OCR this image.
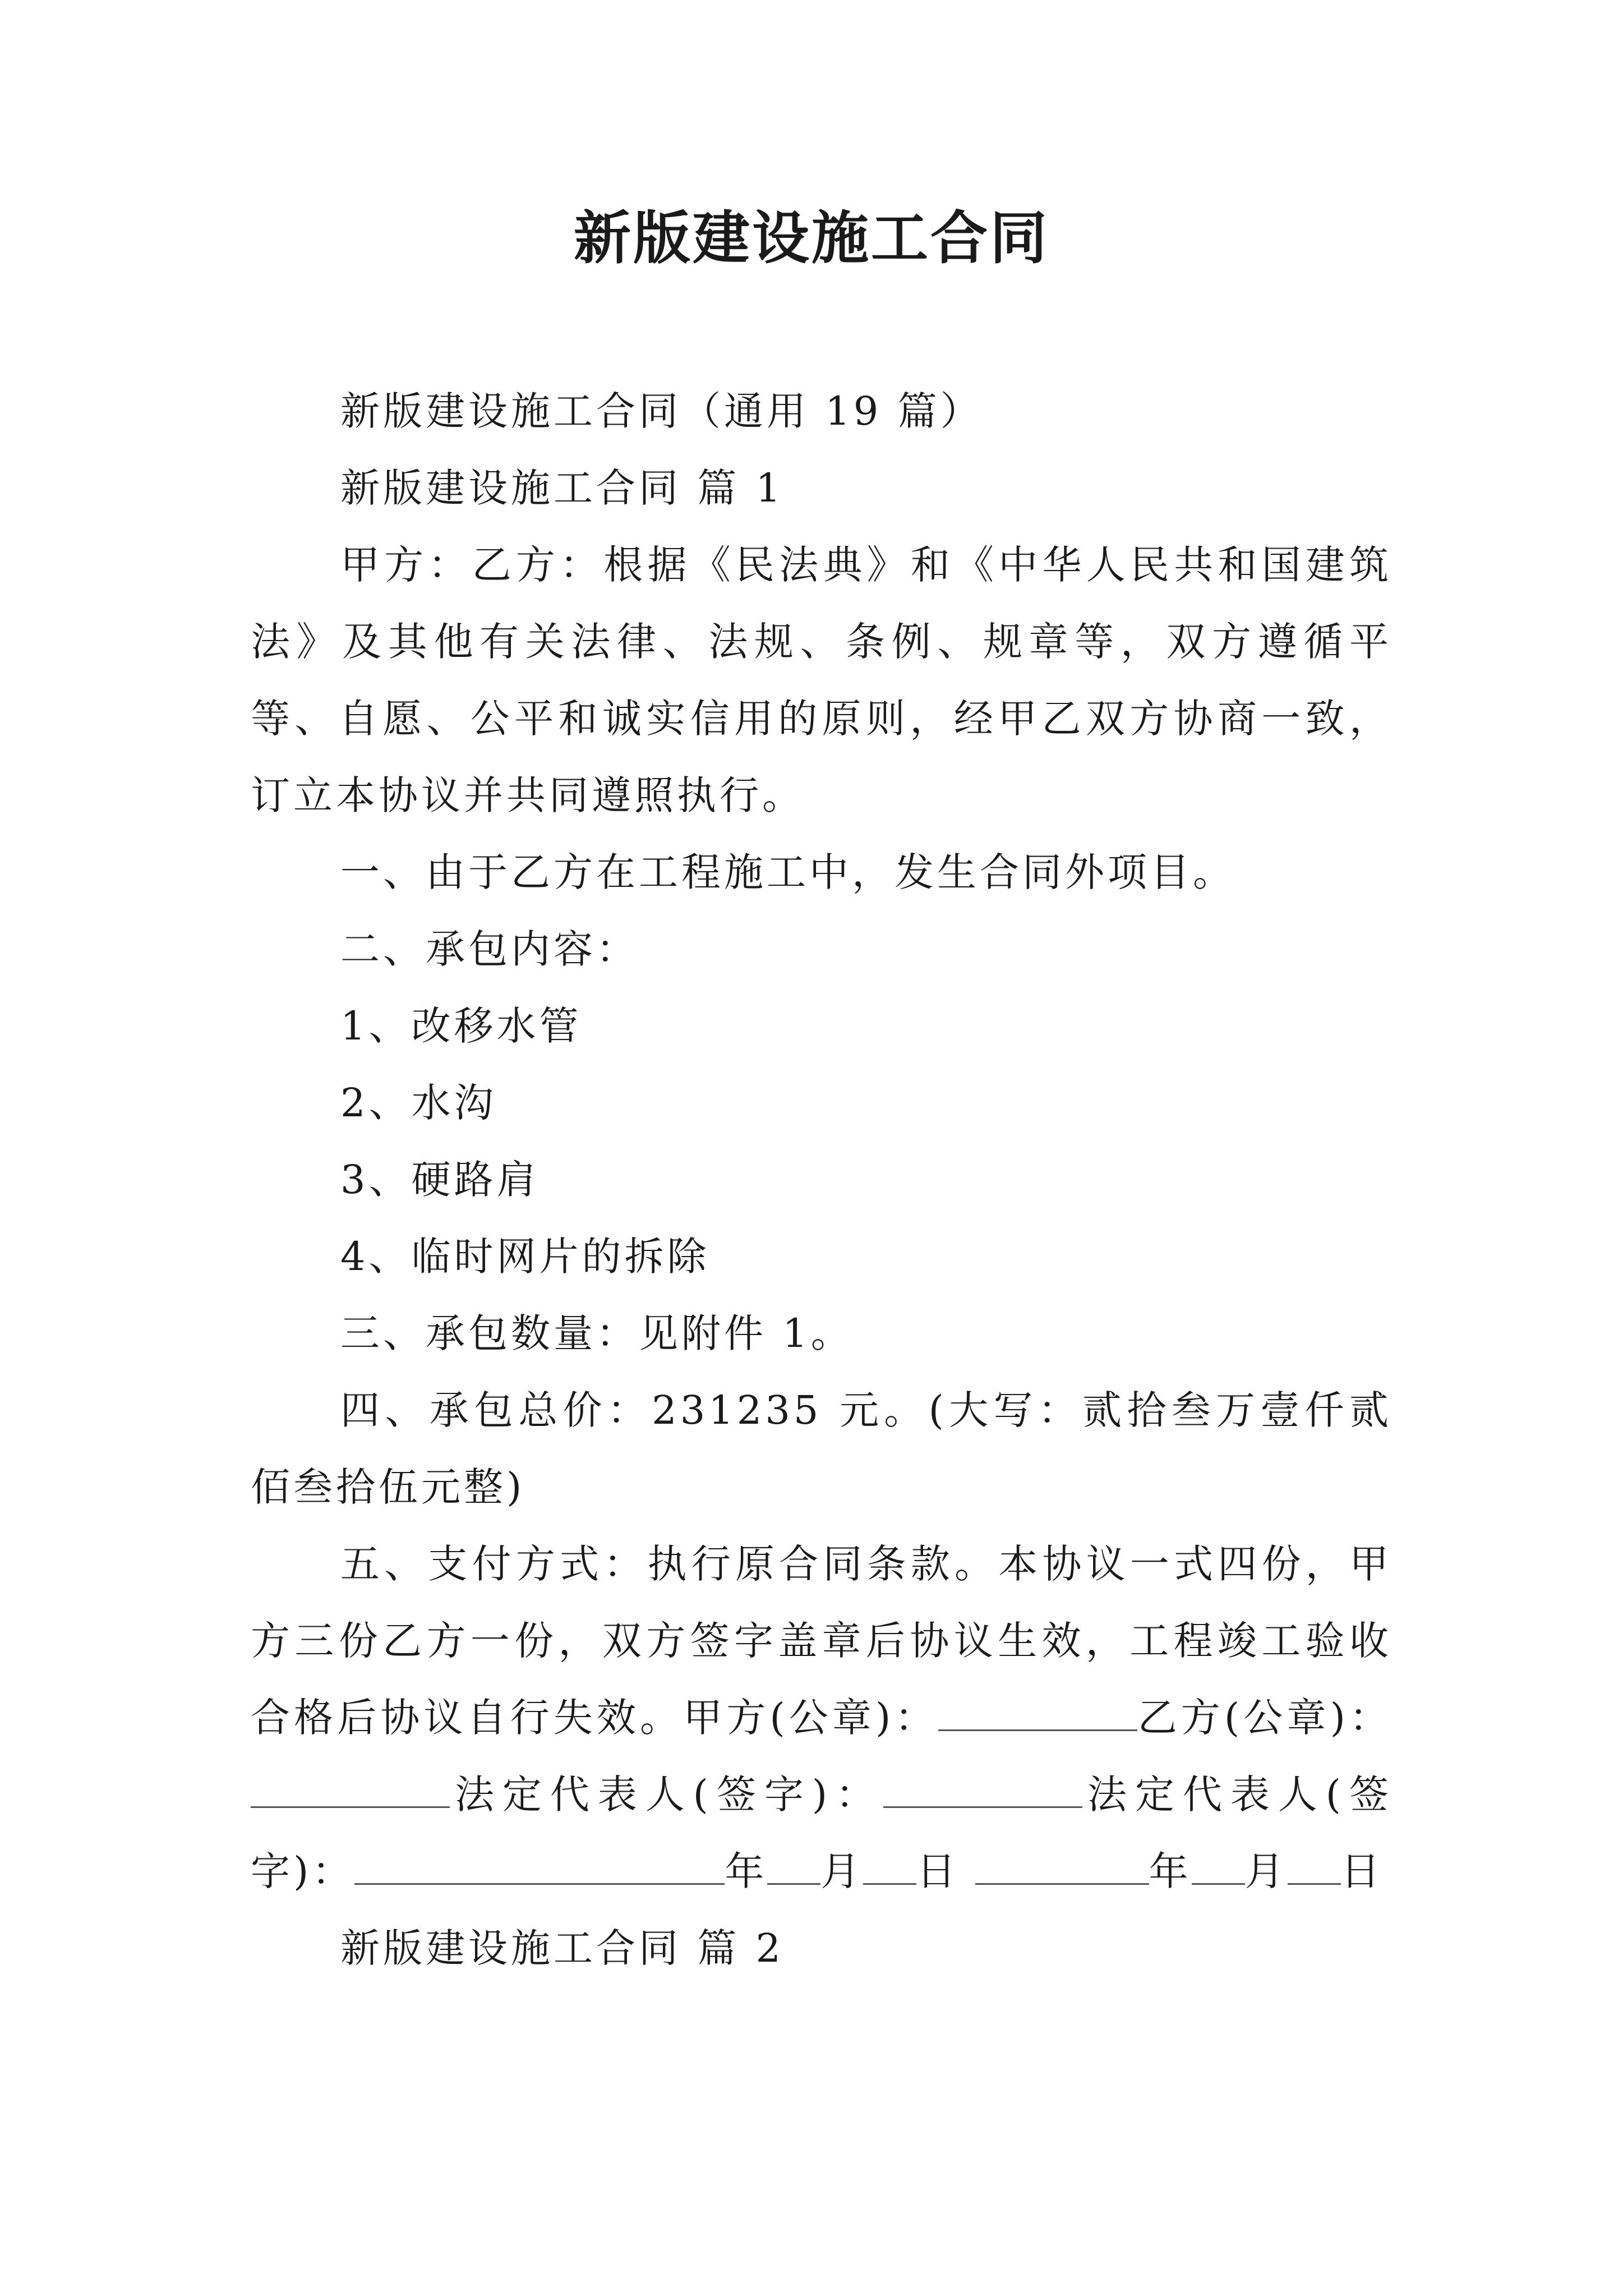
新版建设施工合同

新版建设施工合同（通用 19 篇）

新版建设施工合同 篇 1

甲方：乙方：根据《民法典》和《中华人民共和国建筑法》及其他有关法律、法规、条例、规章等，双方遵循平等、自愿、公平和诚实信用的原则，经甲乙双方协商一致，订立本协议并共同遵照执行。

一、由于乙方在工程施工中，发生合同外项目。

二、承包内容：

1、改移水管

2、水沟

3、硬路肩

4、临时网片的拆除

三、承包数量：见附件 1。

四、承包总价：231235 元。(大写：贰拾叁万壹仟贰佰叁拾伍元整)

五、支付方式：执行原合同条款。本协议一式四份，甲方三份乙方一份，双方签字盖章后协议生效，工程竣工验收合格后协议自行失效。甲方(公章)：	乙方(公章)：法定代表人(签字)：	法定代表人(签字)：	年 月 日	年 月 日

新版建设施工合同 篇 2
